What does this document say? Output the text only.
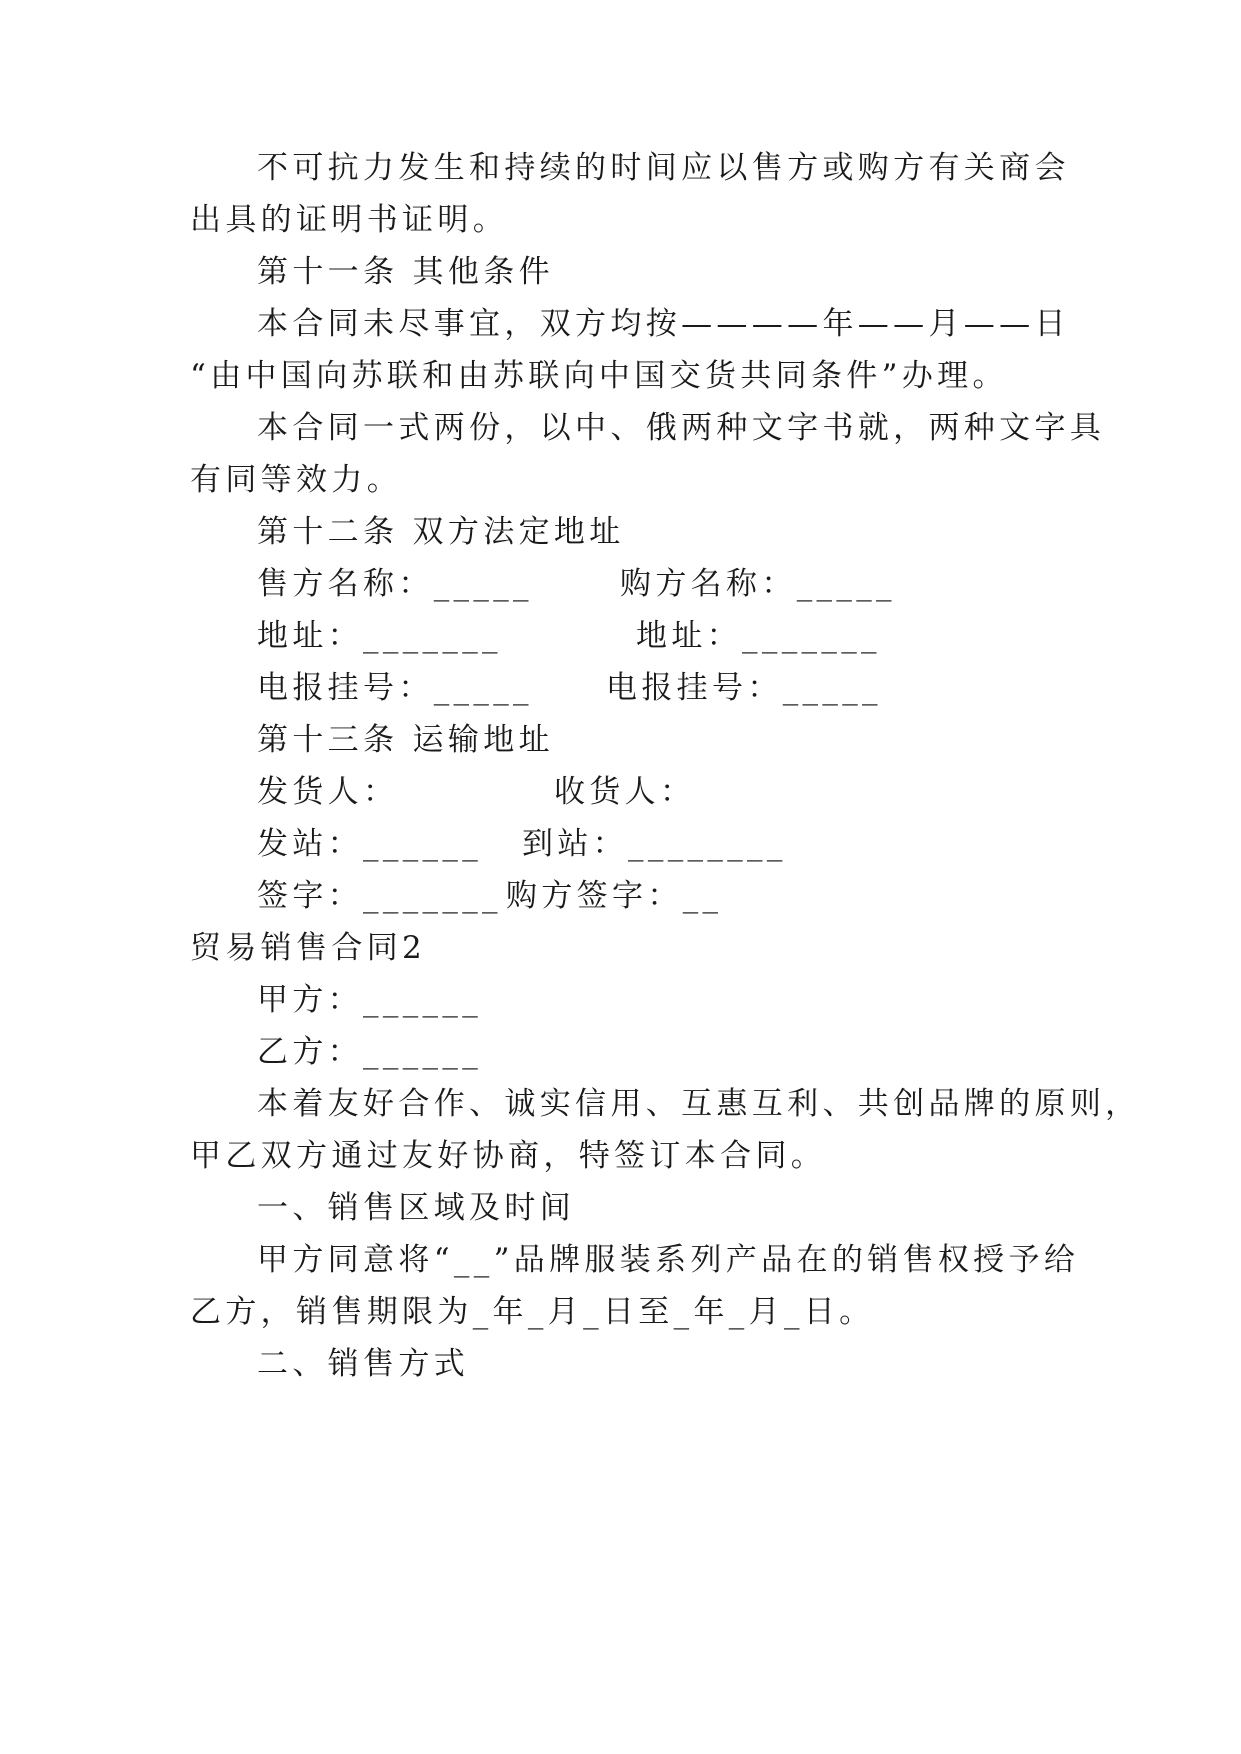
不可抗力发生和持续的时间应以售方或购方有关商会
出具的证明书证明。
第十一条 其他条件
本合同未尽事宜，双方均按————年——月——日
“由中国向苏联和由苏联向中国交货共同条件”办理。
本合同一式两份，以中、俄两种文字书就，两种文字具
有同等效力。
第十二条 双方法定地址
售方名称：_____	购方名称：_____
地址：_______	地址：_______
电报挂号：_____	电报挂号：_____
第十三条 运输地址
发货人：	收货人：
发站：______	到站：________
签字：_______ 购方签字：__
贸易销售合同2
甲方：______
乙方：______
本着友好合作、诚实信用、互惠互利、共创品牌的原则，
甲乙双方通过友好协商，特签订本合同。
一、销售区域及时间
甲方同意将“__”品牌服装系列产品在的销售权授予给
乙方，销售期限为_年_月_日至_年_月_日。
二、销售方式
